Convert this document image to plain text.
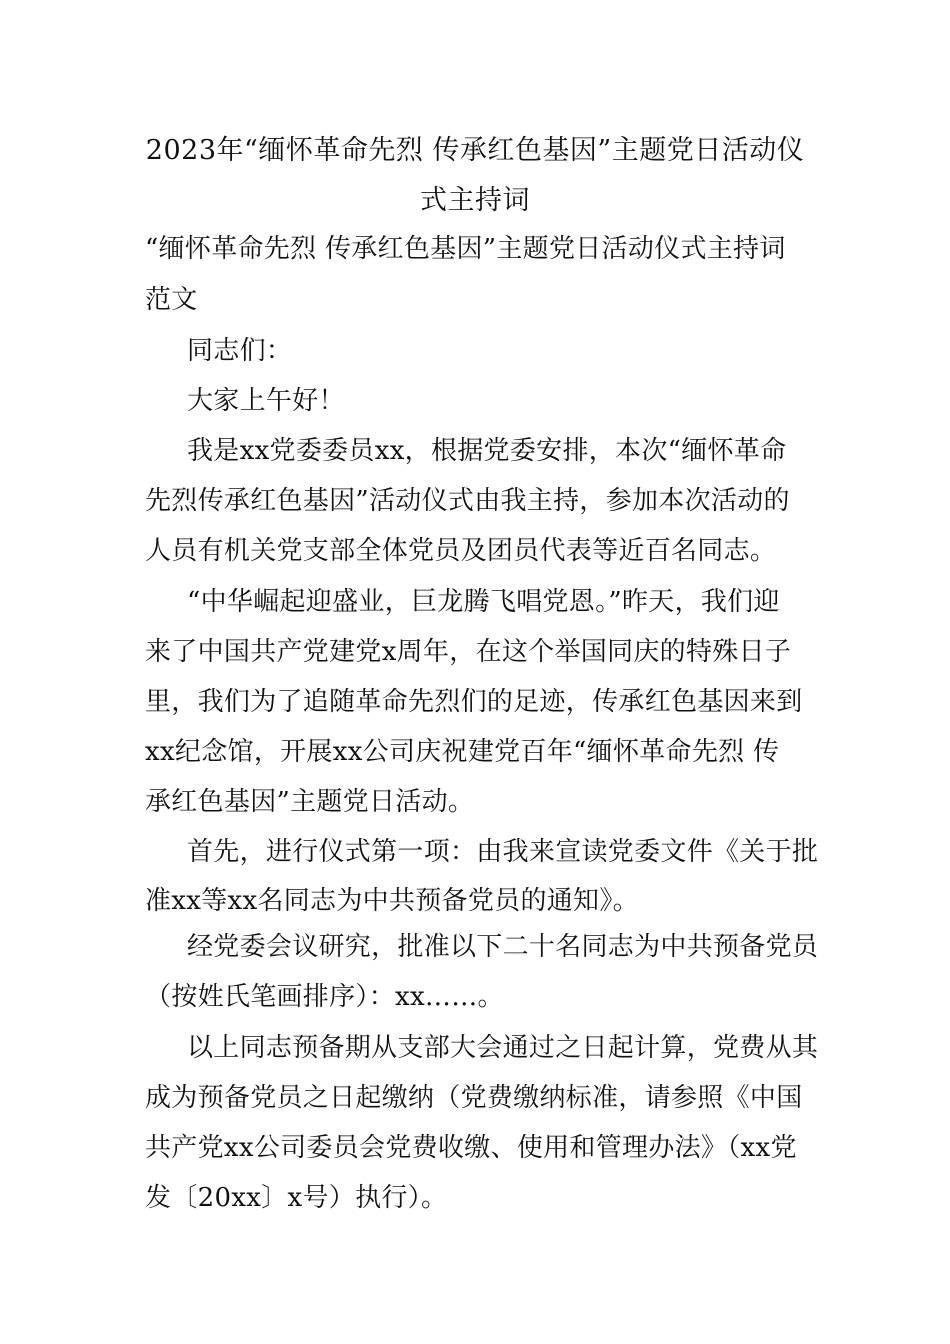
2023年“缅怀革命先烈 传承红色基因”主题党日活动仪
式主持词
“缅怀革命先烈 传承红色基因”主题党日活动仪式主持词
范文
同志们：
大家上午好！
我是xx党委委员xx，根据党委安排，本次“缅怀革命
先烈传承红色基因”活动仪式由我主持，参加本次活动的
人员有机关党支部全体党员及团员代表等近百名同志。
“中华崛起迎盛业，巨龙腾飞唱党恩。”昨天，我们迎
来了中国共产党建党x周年，在这个举国同庆的特殊日子
里，我们为了追随革命先烈们的足迹，传承红色基因来到
xx纪念馆，开展xx公司庆祝建党百年“缅怀革命先烈 传
承红色基因”主题党日活动。
首先，进行仪式第一项：由我来宣读党委文件《关于批
准xx等xx名同志为中共预备党员的通知》。
经党委会议研究，批准以下二十名同志为中共预备党员
（按姓氏笔画排序）：xx……。
以上同志预备期从支部大会通过之日起计算，党费从其
成为预备党员之日起缴纳（党费缴纳标准，请参照《中国
共产党xx公司委员会党费收缴、使用和管理办法》（xx党
发〔20xx〕x号）执行）。
